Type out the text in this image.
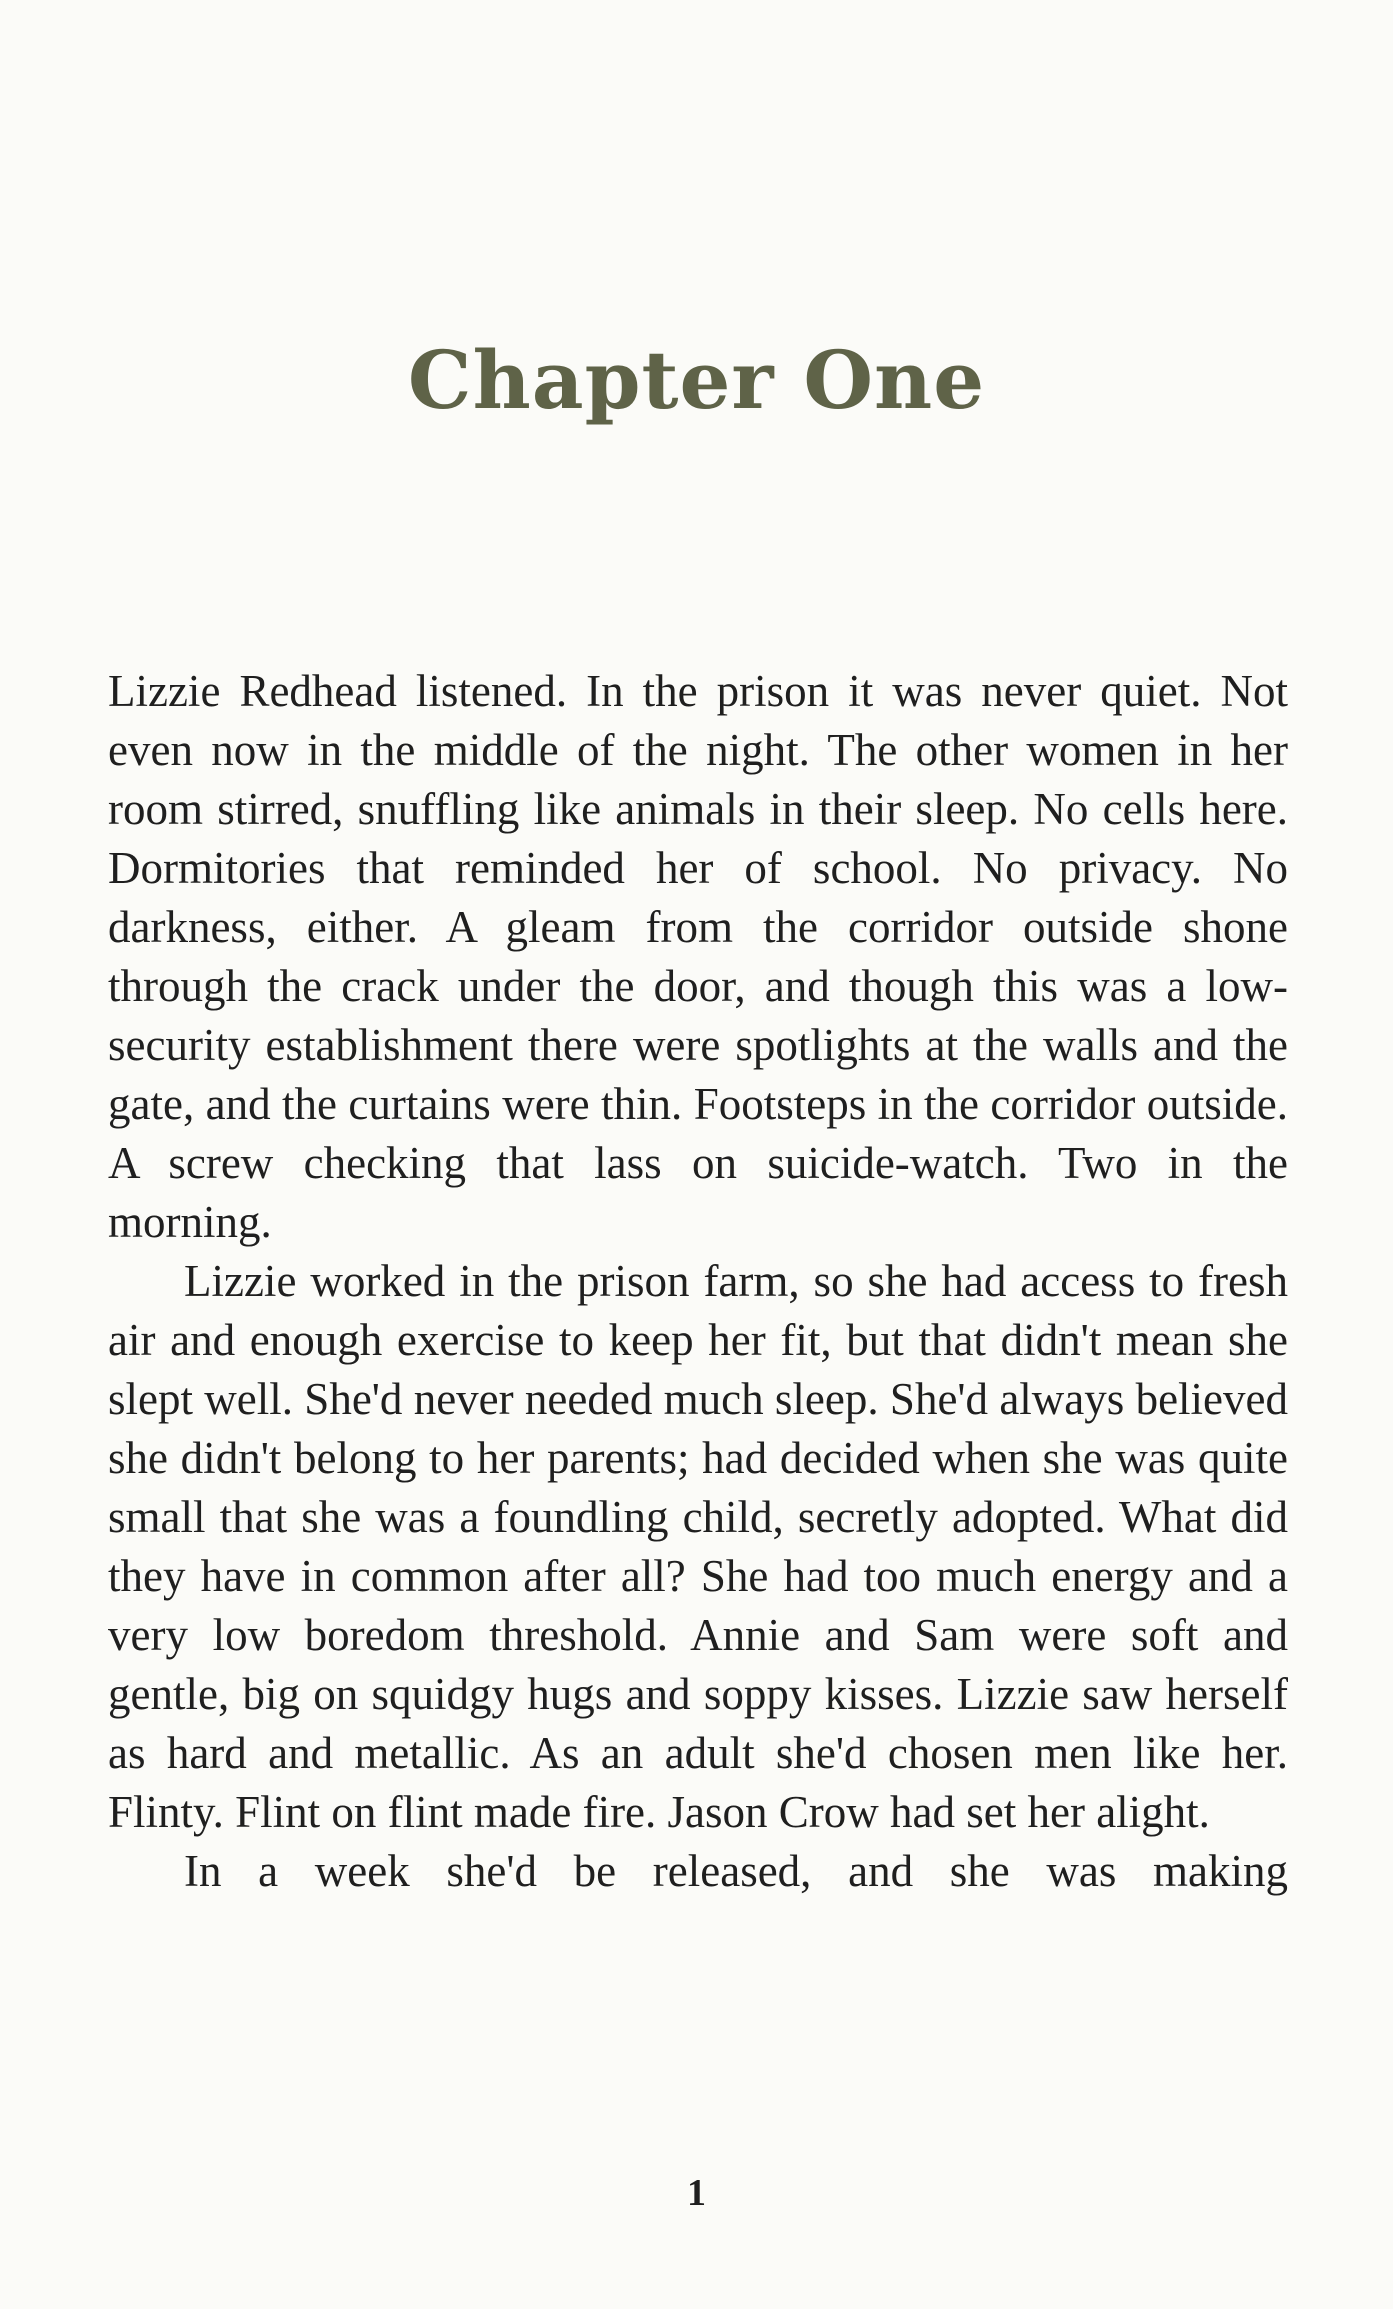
Chapter One

Lizzie Redhead listened. In the prison it was never quiet. Not even now in the middle of the night. The other women in her room stirred, snuffling like animals in their sleep. No cells here. Dormitories that reminded her of school. No privacy. No darkness, either. A gleam from the corridor outside shone through the crack under the door, and though this was a low-security establishment there were spotlights at the walls and the gate, and the curtains were thin. Footsteps in the corridor outside. A screw checking that lass on suicide-watch. Two in the morning.

Lizzie worked in the prison farm, so she had access to fresh air and enough exercise to keep her fit, but that didn't mean she slept well. She'd never needed much sleep. She'd always believed she didn't belong to her parents; had decided when she was quite small that she was a foundling child, secretly adopted. What did they have in common after all? She had too much energy and a very low boredom threshold. Annie and Sam were soft and gentle, big on squidgy hugs and soppy kisses. Lizzie saw herself as hard and metallic. As an adult she'd chosen men like her. Flinty. Flint on flint made fire. Jason Crow had set her alight.

In a week she'd be released, and she was making

1
